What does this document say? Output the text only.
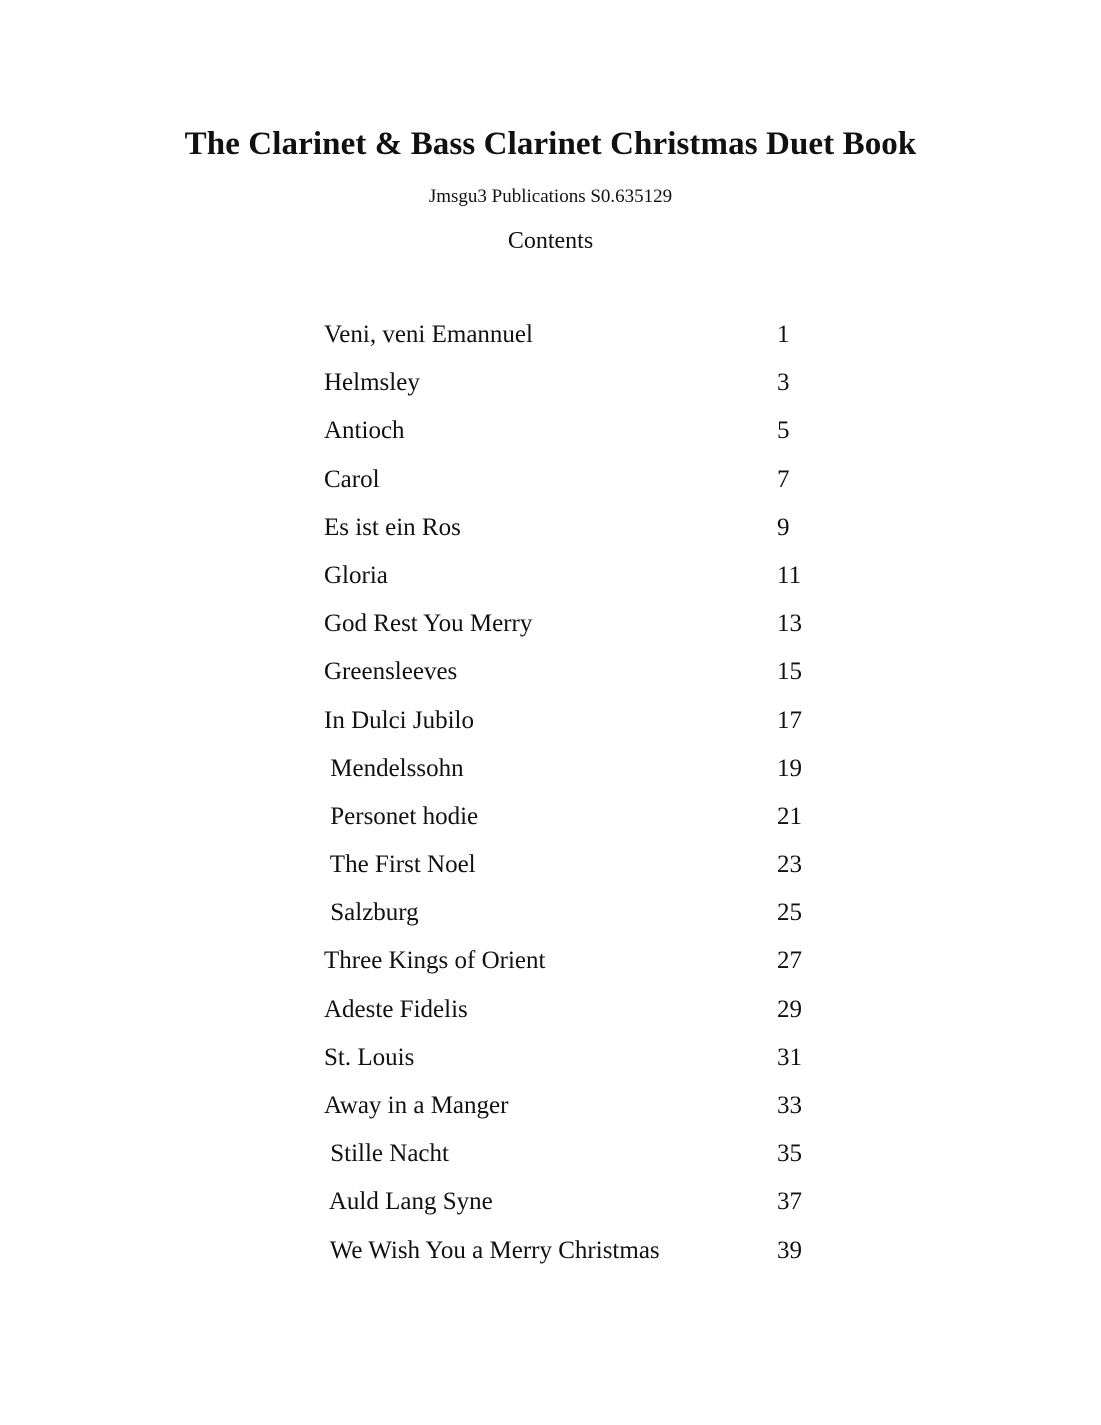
The Clarinet & Bass Clarinet Christmas Duet Book
Jmsgu3 Publications S0.635129
Contents
Veni, veni Emannuel	1
Helmsley	3
Antioch	5
Carol	7
Es ist ein Ros	9
Gloria	11
God Rest You Merry	13
Greensleeves	15
In Dulci Jubilo	17
Mendelssohn	19
Personet hodie	21
The First Noel	23
Salzburg	25
Three Kings of Orient	27
Adeste Fidelis	29
St. Louis	31
Away in a Manger	33
Stille Nacht	35
Auld Lang Syne	37
We Wish You a Merry Christmas	39
